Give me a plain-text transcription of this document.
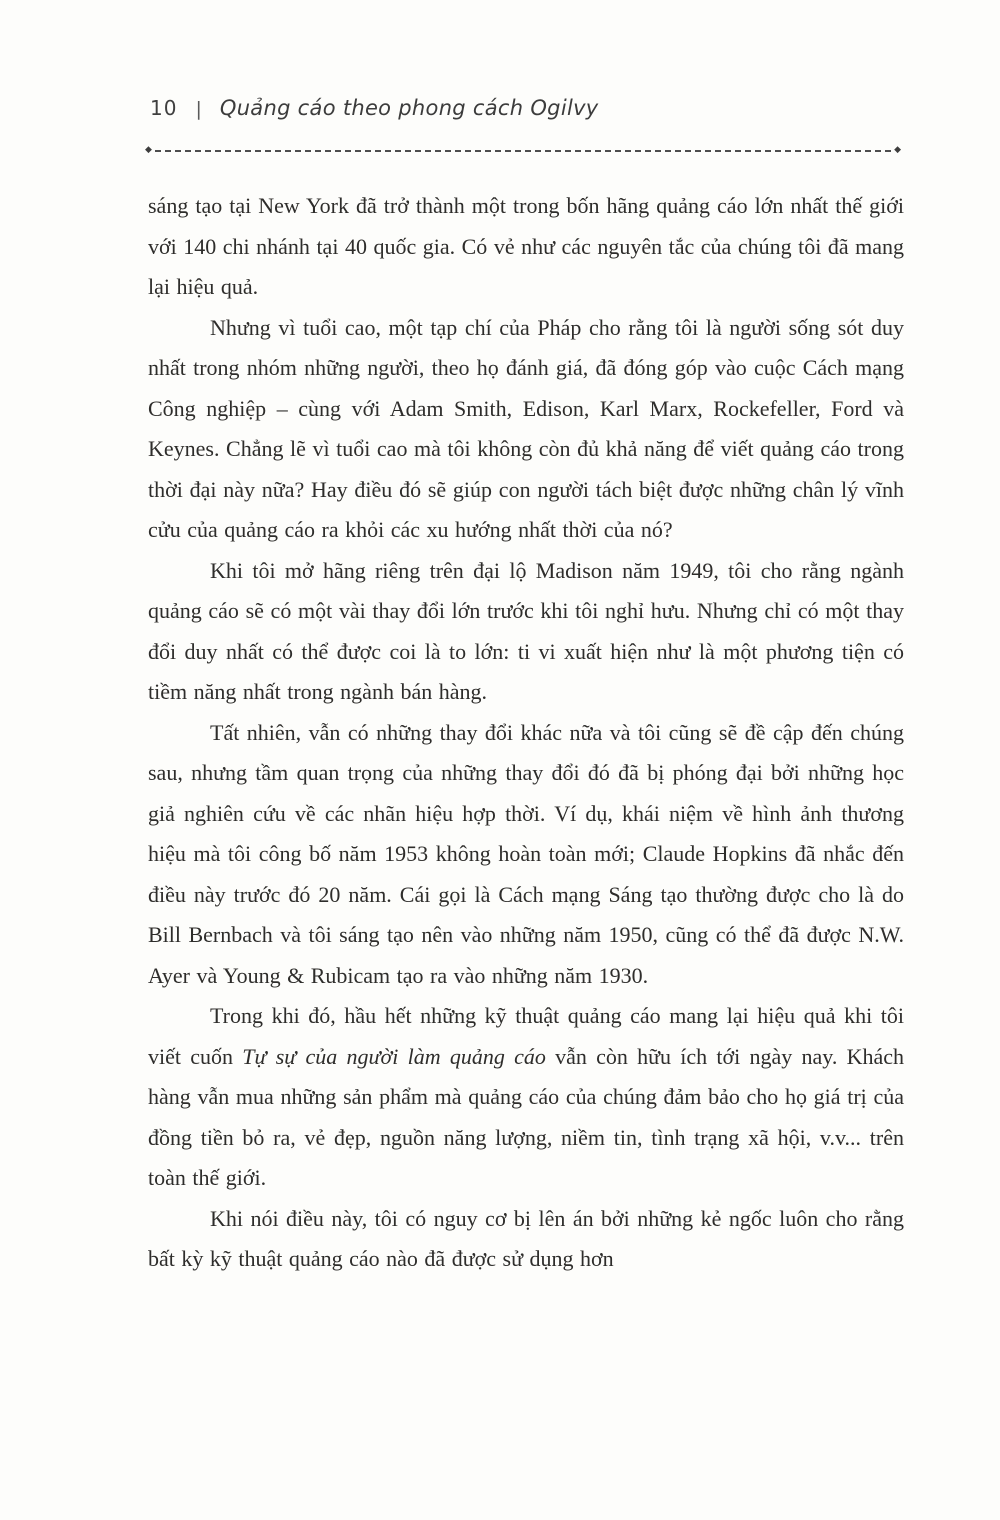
10 | Quảng cáo theo phong cách Ogilvy
◆	◆

sáng tạo tại New York đã trở thành một trong bốn hãng quảng cáo lớn nhất thế giới với 140 chi nhánh tại 40 quốc gia. Có vẻ như các nguyên tắc của chúng tôi đã mang lại hiệu quả.

Nhưng vì tuổi cao, một tạp chí của Pháp cho rằng tôi là người sống sót duy nhất trong nhóm những người, theo họ đánh giá, đã đóng góp vào cuộc Cách mạng Công nghiệp – cùng với Adam Smith, Edison, Karl Marx, Rockefeller, Ford và Keynes. Chẳng lẽ vì tuổi cao mà tôi không còn đủ khả năng để viết quảng cáo trong thời đại này nữa? Hay điều đó sẽ giúp con người tách biệt được những chân lý vĩnh cửu của quảng cáo ra khỏi các xu hướng nhất thời của nó?

Khi tôi mở hãng riêng trên đại lộ Madison năm 1949, tôi cho rằng ngành quảng cáo sẽ có một vài thay đổi lớn trước khi tôi nghỉ hưu. Nhưng chỉ có một thay đổi duy nhất có thể được coi là to lớn: ti vi xuất hiện như là một phương tiện có tiềm năng nhất trong ngành bán hàng.

Tất nhiên, vẫn có những thay đổi khác nữa và tôi cũng sẽ đề cập đến chúng sau, nhưng tầm quan trọng của những thay đổi đó đã bị phóng đại bởi những học giả nghiên cứu về các nhãn hiệu hợp thời. Ví dụ, khái niệm về hình ảnh thương hiệu mà tôi công bố năm 1953 không hoàn toàn mới; Claude Hopkins đã nhắc đến điều này trước đó 20 năm. Cái gọi là Cách mạng Sáng tạo thường được cho là do Bill Bernbach và tôi sáng tạo nên vào những năm 1950, cũng có thể đã được N.W. Ayer và Young & Rubicam tạo ra vào những năm 1930.

Trong khi đó, hầu hết những kỹ thuật quảng cáo mang lại hiệu quả khi tôi viết cuốn Tự sự của người làm quảng cáo vẫn còn hữu ích tới ngày nay. Khách hàng vẫn mua những sản phẩm mà quảng cáo của chúng đảm bảo cho họ giá trị của đồng tiền bỏ ra, vẻ đẹp, nguồn năng lượng, niềm tin, tình trạng xã hội, v.v... trên toàn thế giới.

Khi nói điều này, tôi có nguy cơ bị lên án bởi những kẻ ngốc luôn cho rằng bất kỳ kỹ thuật quảng cáo nào đã được sử dụng hơn
